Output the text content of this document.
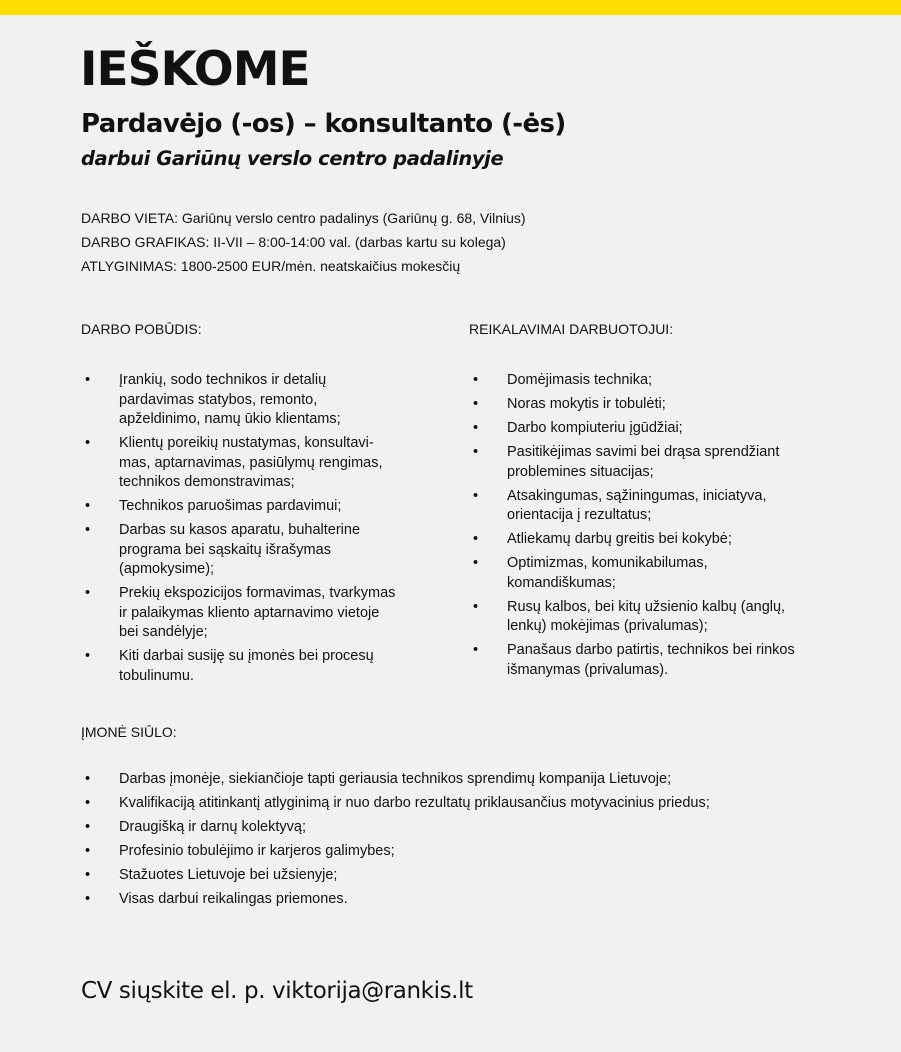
IEŠKOME
Pardavėjo (-os) – konsultanto (-ės)
darbui Gariūnų verslo centro padalinyje
DARBO VIETA: Gariūnų verslo centro padalinys (Gariūnų g. 68, Vilnius)
DARBO GRAFIKAS: II-VII – 8:00-14:00 val. (darbas kartu su kolega)
ATLYGINIMAS: 1800-2500 EUR/mėn. neatskaičius mokesčių
DARBO POBŪDIS:	REIKALAVIMAI DARBUOTOJUI:
• Įrankių, sodo technikos ir detalių pardavimas statybos, remonto, apželdinimo, namų ūkio klientams;
• Klientų poreikių nustatymas, konsultavi-mas, aptarnavimas, pasiūlymų rengimas, technikos demonstravimas;
• Technikos paruošimas pardavimui;
• Darbas su kasos aparatu, buhalterine programa bei sąskaitų išrašymas (apmokysime);
• Prekių ekspozicijos formavimas, tvarkymas ir palaikymas kliento aptarnavimo vietoje bei sandėlyje;
• Kiti darbai susiję su įmonės bei procesų tobulinumu.
• Domėjimasis technika;
• Noras mokytis ir tobulėti;
• Darbo kompiuteriu įgūdžiai;
• Pasitikėjimas savimi bei drąsa sprendžiant problemines situacijas;
• Atsakingumas, sąžiningumas, iniciatyva, orientacija į rezultatus;
• Atliekamų darbų greitis bei kokybė;
• Optimizmas, komunikabilumas, komandiškumas;
• Rusų kalbos, bei kitų užsienio kalbų (anglų, lenkų) mokėjimas (privalumas);
• Panašaus darbo patirtis, technikos bei rinkos išmanymas (privalumas).
ĮMONĖ SIŪLO:
• Darbas įmonėje, siekiančioje tapti geriausia technikos sprendimų kompanija Lietuvoje;
• Kvalifikaciją atitinkantį atlyginimą ir nuo darbo rezultatų priklausančius motyvacinius priedus;
• Draugišką ir darnų kolektyvą;
• Profesinio tobulėjimo ir karjeros galimybes;
• Stažuotes Lietuvoje bei užsienyje;
• Visas darbui reikalingas priemones.

CV siųskite el. p. viktorija@rankis.lt
